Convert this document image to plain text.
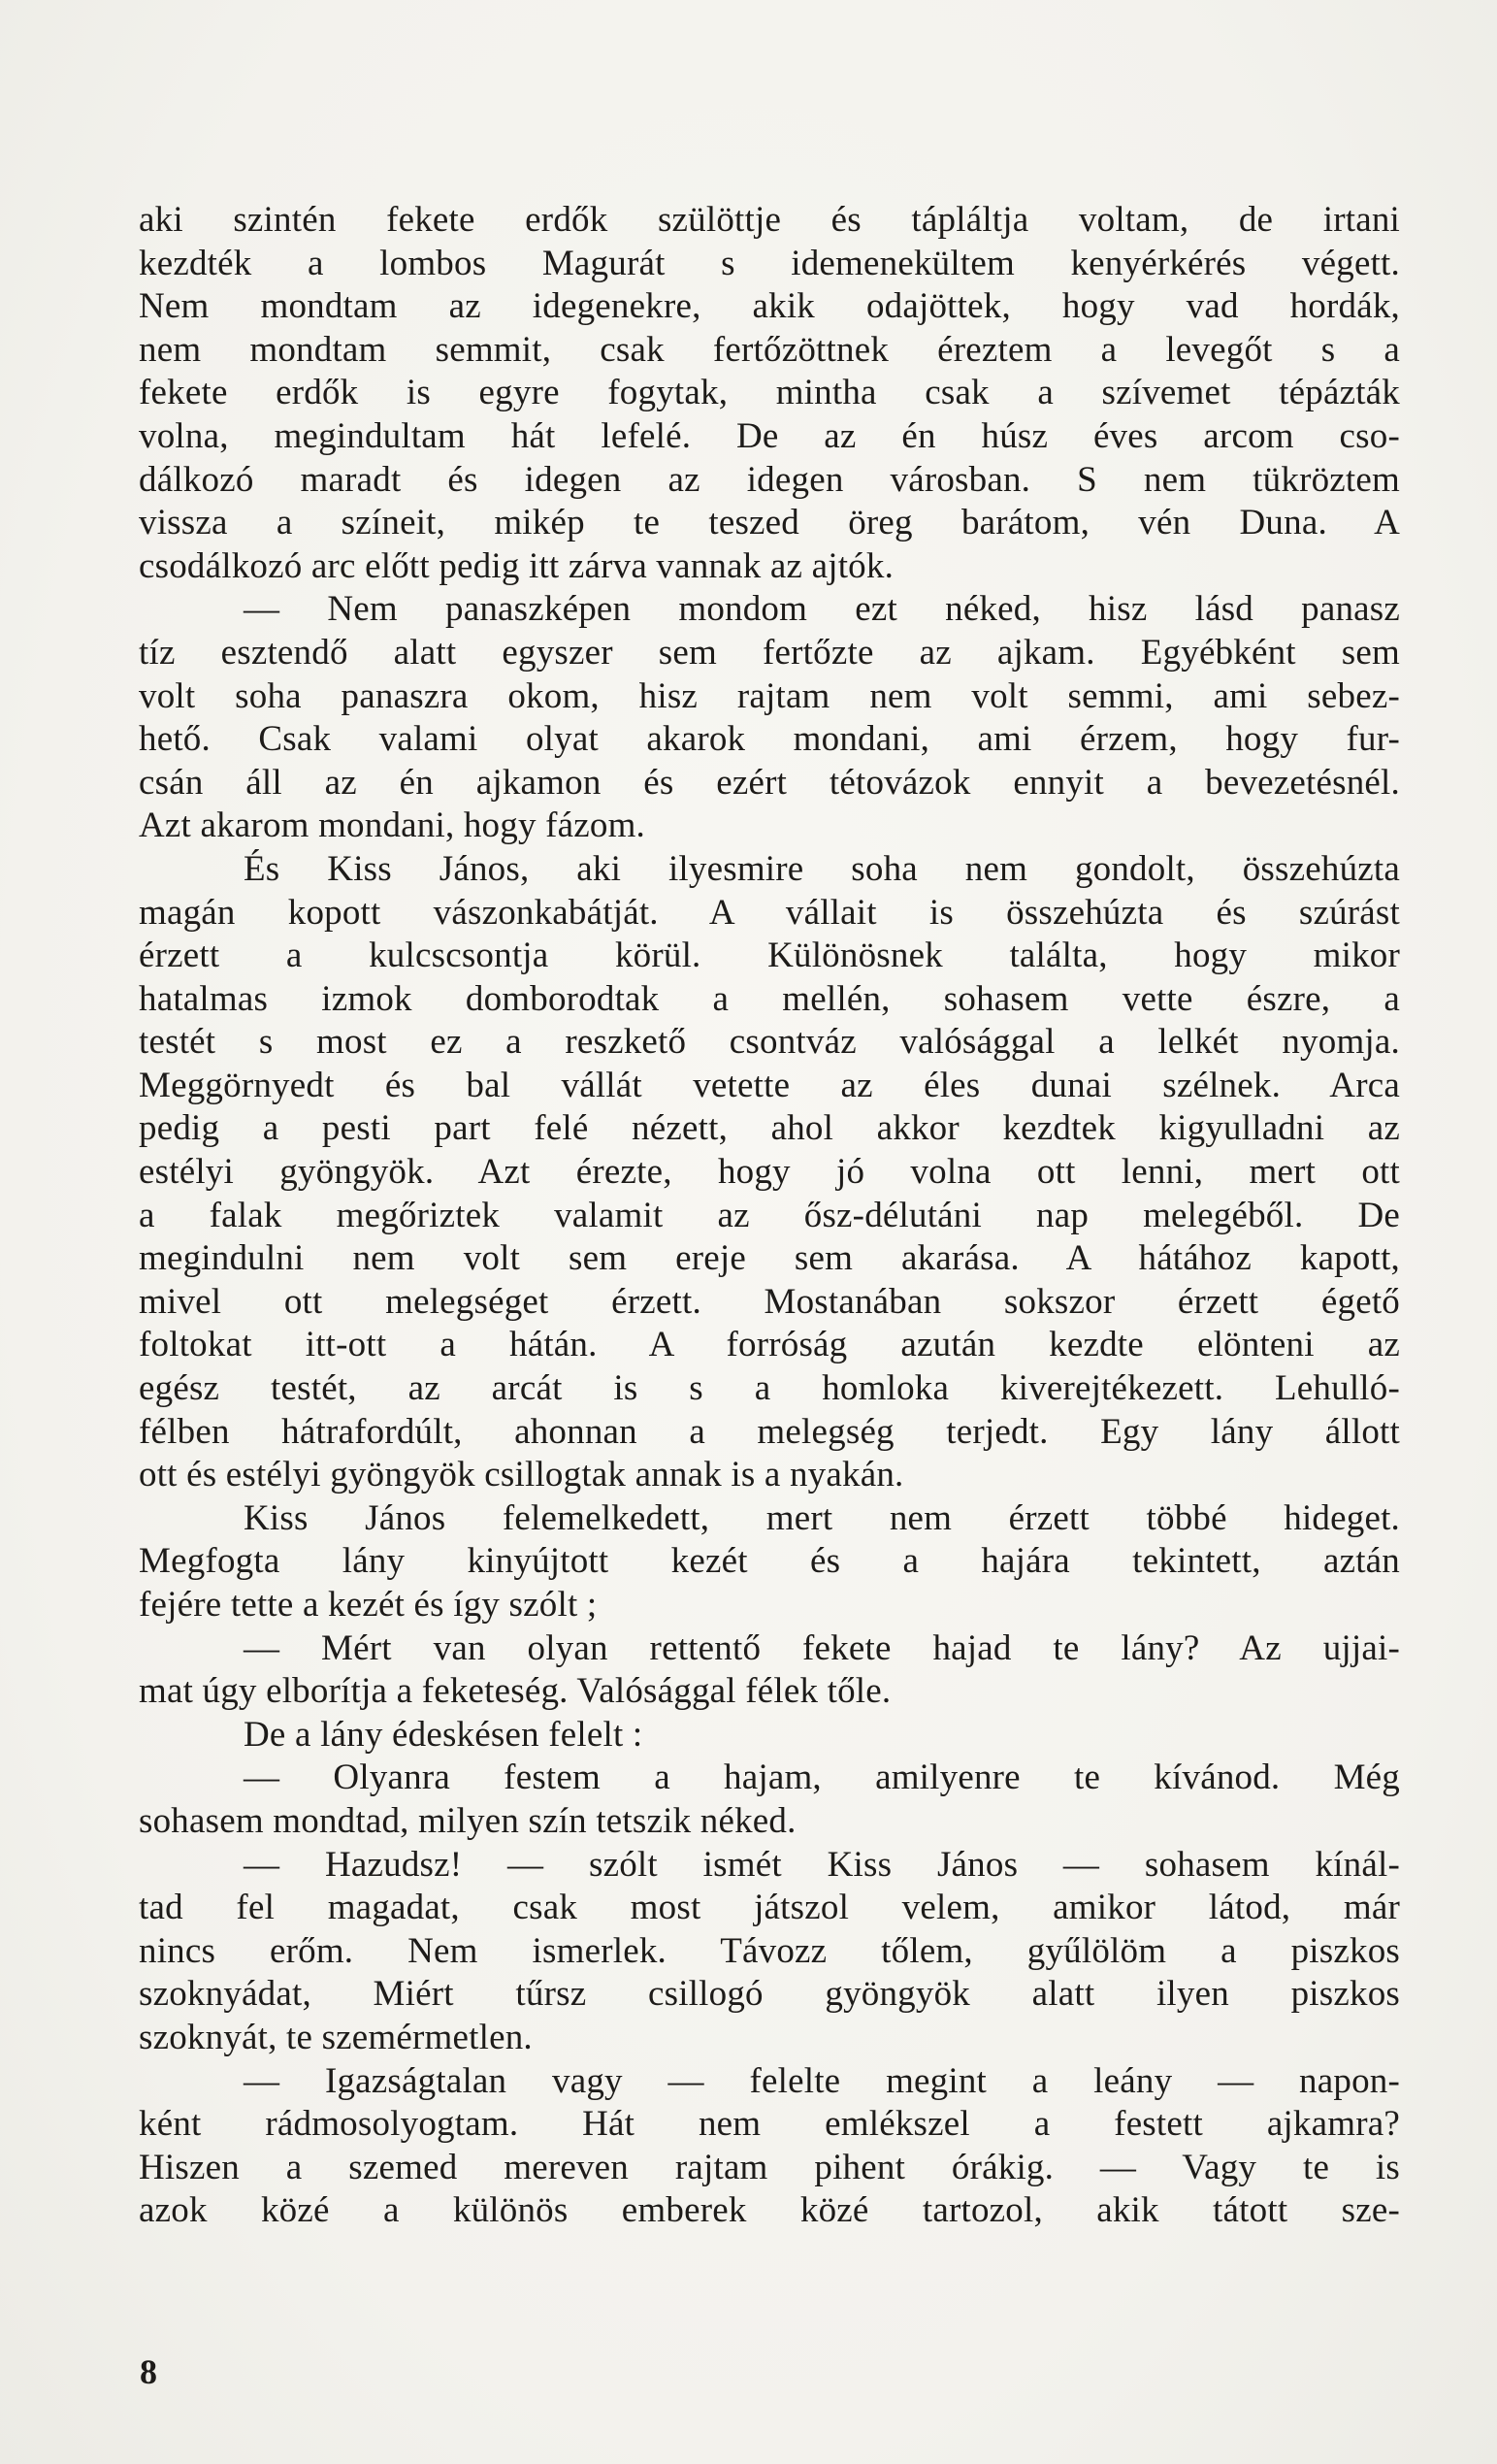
aki szintén fekete erdők szülöttje és tápláltja voltam, de irtani
kezdték a lombos Magurát s idemenekültem kenyérkérés végett.
Nem mondtam az idegenekre, akik odajöttek, hogy vad hordák,
nem mondtam semmit, csak fertőzöttnek éreztem a levegőt s a
fekete erdők is egyre fogytak, mintha csak a szívemet tépázták
volna, megindultam hát lefelé. De az én húsz éves arcom cso-
dálkozó maradt és idegen az idegen városban. S nem tükröztem
vissza a színeit, mikép te teszed öreg barátom, vén Duna. A
csodálkozó arc előtt pedig itt zárva vannak az ajtók.
— Nem panaszképen mondom ezt néked, hisz lásd panasz
tíz esztendő alatt egyszer sem fertőzte az ajkam. Egyébként sem
volt soha panaszra okom, hisz rajtam nem volt semmi, ami sebez-
hető. Csak valami olyat akarok mondani, ami érzem, hogy fur-
csán áll az én ajkamon és ezért tétovázok ennyit a bevezetésnél.
Azt akarom mondani, hogy fázom.
És Kiss János, aki ilyesmire soha nem gondolt, összehúzta
magán kopott vászonkabátját. A vállait is összehúzta és szúrást
érzett a kulcscsontja körül. Különösnek találta, hogy mikor
hatalmas izmok domborodtak a mellén, sohasem vette észre, a
testét s most ez a reszkető csontváz valósággal a lelkét nyomja.
Meggörnyedt és bal vállát vetette az éles dunai szélnek. Arca
pedig a pesti part felé nézett, ahol akkor kezdtek kigyulladni az
estélyi gyöngyök. Azt érezte, hogy jó volna ott lenni, mert ott
a falak megőriztek valamit az ősz-délutáni nap melegéből. De
megindulni nem volt sem ereje sem akarása. A hátához kapott,
mivel ott melegséget érzett. Mostanában sokszor érzett égető
foltokat itt-ott a hátán. A forróság azután kezdte elönteni az
egész testét, az arcát is s a homloka kiverejtékezett. Lehulló-
félben hátrafordúlt, ahonnan a melegség terjedt. Egy lány állott
ott és estélyi gyöngyök csillogtak annak is a nyakán.
Kiss János felemelkedett, mert nem érzett többé hideget.
Megfogta lány kinyújtott kezét és a hajára tekintett, aztán
fejére tette a kezét és így szólt ;
— Mért van olyan rettentő fekete hajad te lány? Az ujjai-
mat úgy elborítja a feketeség. Valósággal félek tőle.
De a lány édeskésen felelt :
— Olyanra festem a hajam, amilyenre te kívánod. Még
sohasem mondtad, milyen szín tetszik néked.
— Hazudsz! — szólt ismét Kiss János — sohasem kínál-
tad fel magadat, csak most játszol velem, amikor látod, már
nincs erőm. Nem ismerlek. Távozz tőlem, gyűlölöm a piszkos
szoknyádat, Miért tűrsz csillogó gyöngyök alatt ilyen piszkos
szoknyát, te szemérmetlen.
— Igazságtalan vagy — felelte megint a leány — napon-
ként rádmosolyogtam. Hát nem emlékszel a festett ajkamra?
Hiszen a szemed mereven rajtam pihent órákig. — Vagy te is
azok közé a különös emberek közé tartozol, akik tátott sze-
8
